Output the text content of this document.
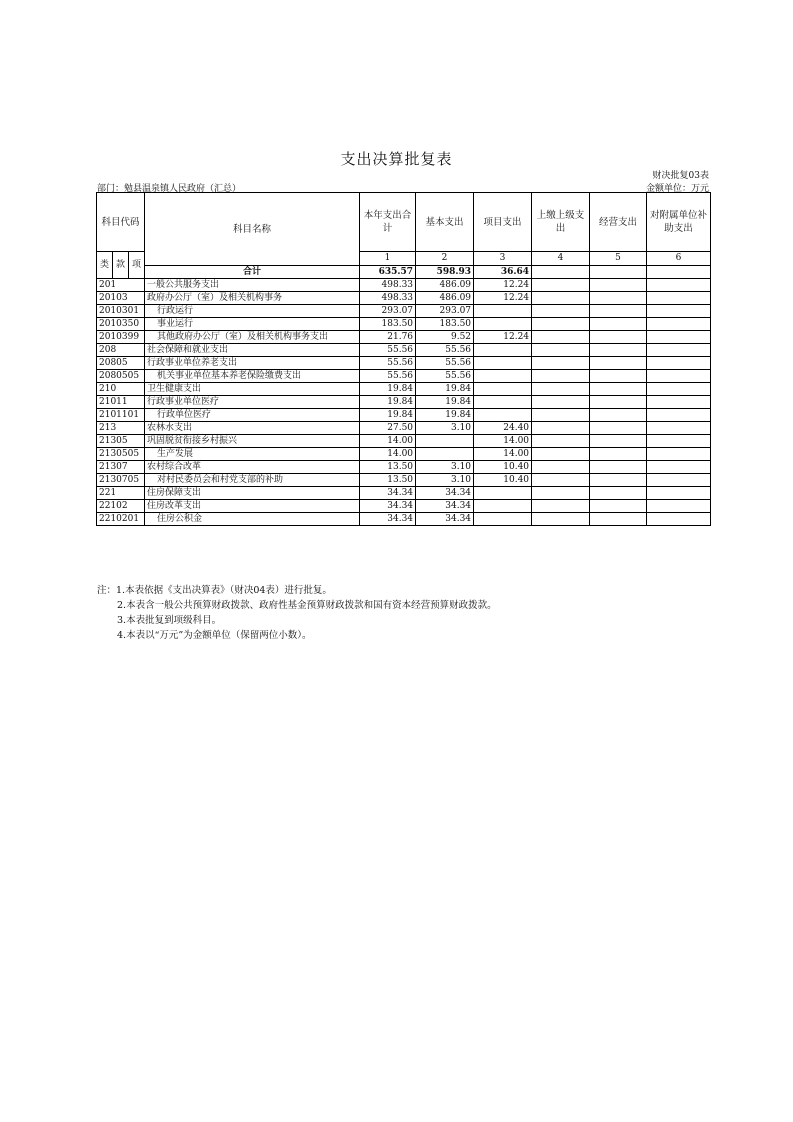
支出决算批复表
财决批复03表
部门：勉县温泉镇人民政府（汇总）	金额单位：万元
科目代码			科目名称	本年支出合计	基本支出	项目支出	上缴上级支出	经营支出	对附属单位补助支出
类	款	项		1	2	3	4	5	6
			合计	635.57	598.93	36.64			
201			一般公共服务支出	498.33	486.09	12.24			
20103			政府办公厅（室）及相关机构事务	498.33	486.09	12.24			
2010301			行政运行	293.07	293.07				
2010350			事业运行	183.50	183.50				
2010399			其他政府办公厅（室）及相关机构事务支出	21.76	9.52	12.24			
208			社会保障和就业支出	55.56	55.56				
20805			行政事业单位养老支出	55.56	55.56				
2080505			机关事业单位基本养老保险缴费支出	55.56	55.56				
210			卫生健康支出	19.84	19.84				
21011			行政事业单位医疗	19.84	19.84				
2101101			行政单位医疗	19.84	19.84				
213			农林水支出	27.50	3.10	24.40			
21305			巩固脱贫衔接乡村振兴	14.00		14.00			
2130505			生产发展	14.00		14.00			
21307			农村综合改革	13.50	3.10	10.40			
2130705			对村民委员会和村党支部的补助	13.50	3.10	10.40			
221			住房保障支出	34.34	34.34				
22102			住房改革支出	34.34	34.34				
2210201			住房公积金	34.34	34.34				
注：1.本表依据《支出决算表》（财决04表）进行批复。
2.本表含一般公共预算财政拨款、政府性基金预算财政拨款和国有资本经营预算财政拨款。
3.本表批复到项级科目。
4.本表以“万元”为金额单位（保留两位小数）。
